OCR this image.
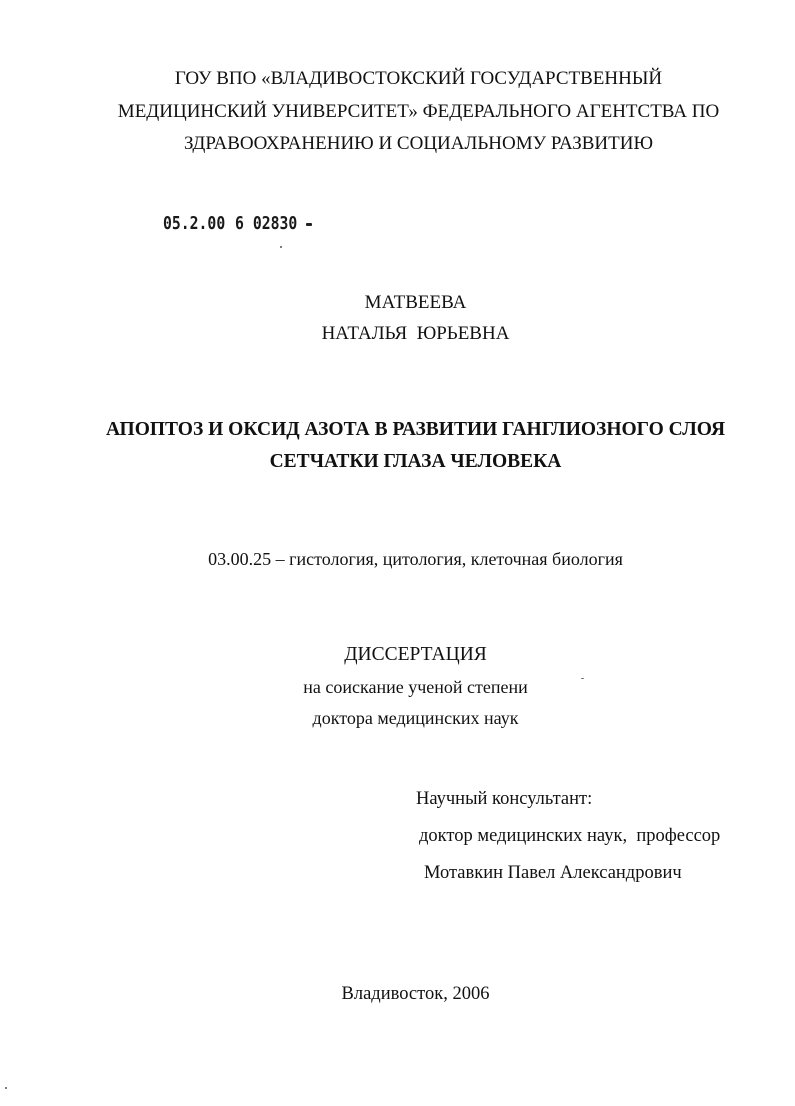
ГОУ ВПО «ВЛАДИВОСТОКСКИЙ ГОСУДАРСТВЕННЫЙ
МЕДИЦИНСКИЙ УНИВЕРСИТЕТ» ФЕДЕРАЛЬНОГО АГЕНТСТВА ПО
ЗДРАВООХРАНЕНИЮ И СОЦИАЛЬНОМУ РАЗВИТИЮ
05.2.00 6 02830
МАТВЕЕВА
НАТАЛЬЯ  ЮРЬЕВНА
АПОПТОЗ И ОКСИД АЗОТА В РАЗВИТИИ ГАНГЛИОЗНОГО СЛОЯ
СЕТЧАТКИ ГЛАЗА ЧЕЛОВЕКА
03.00.25 – гистология, цитология, клеточная биология
ДИССЕРТАЦИЯ
на соискание ученой степени
доктора медицинских наук
Научный консультант:
доктор медицинских наук,  профессор
Мотавкин Павел Александрович
Владивосток, 2006
